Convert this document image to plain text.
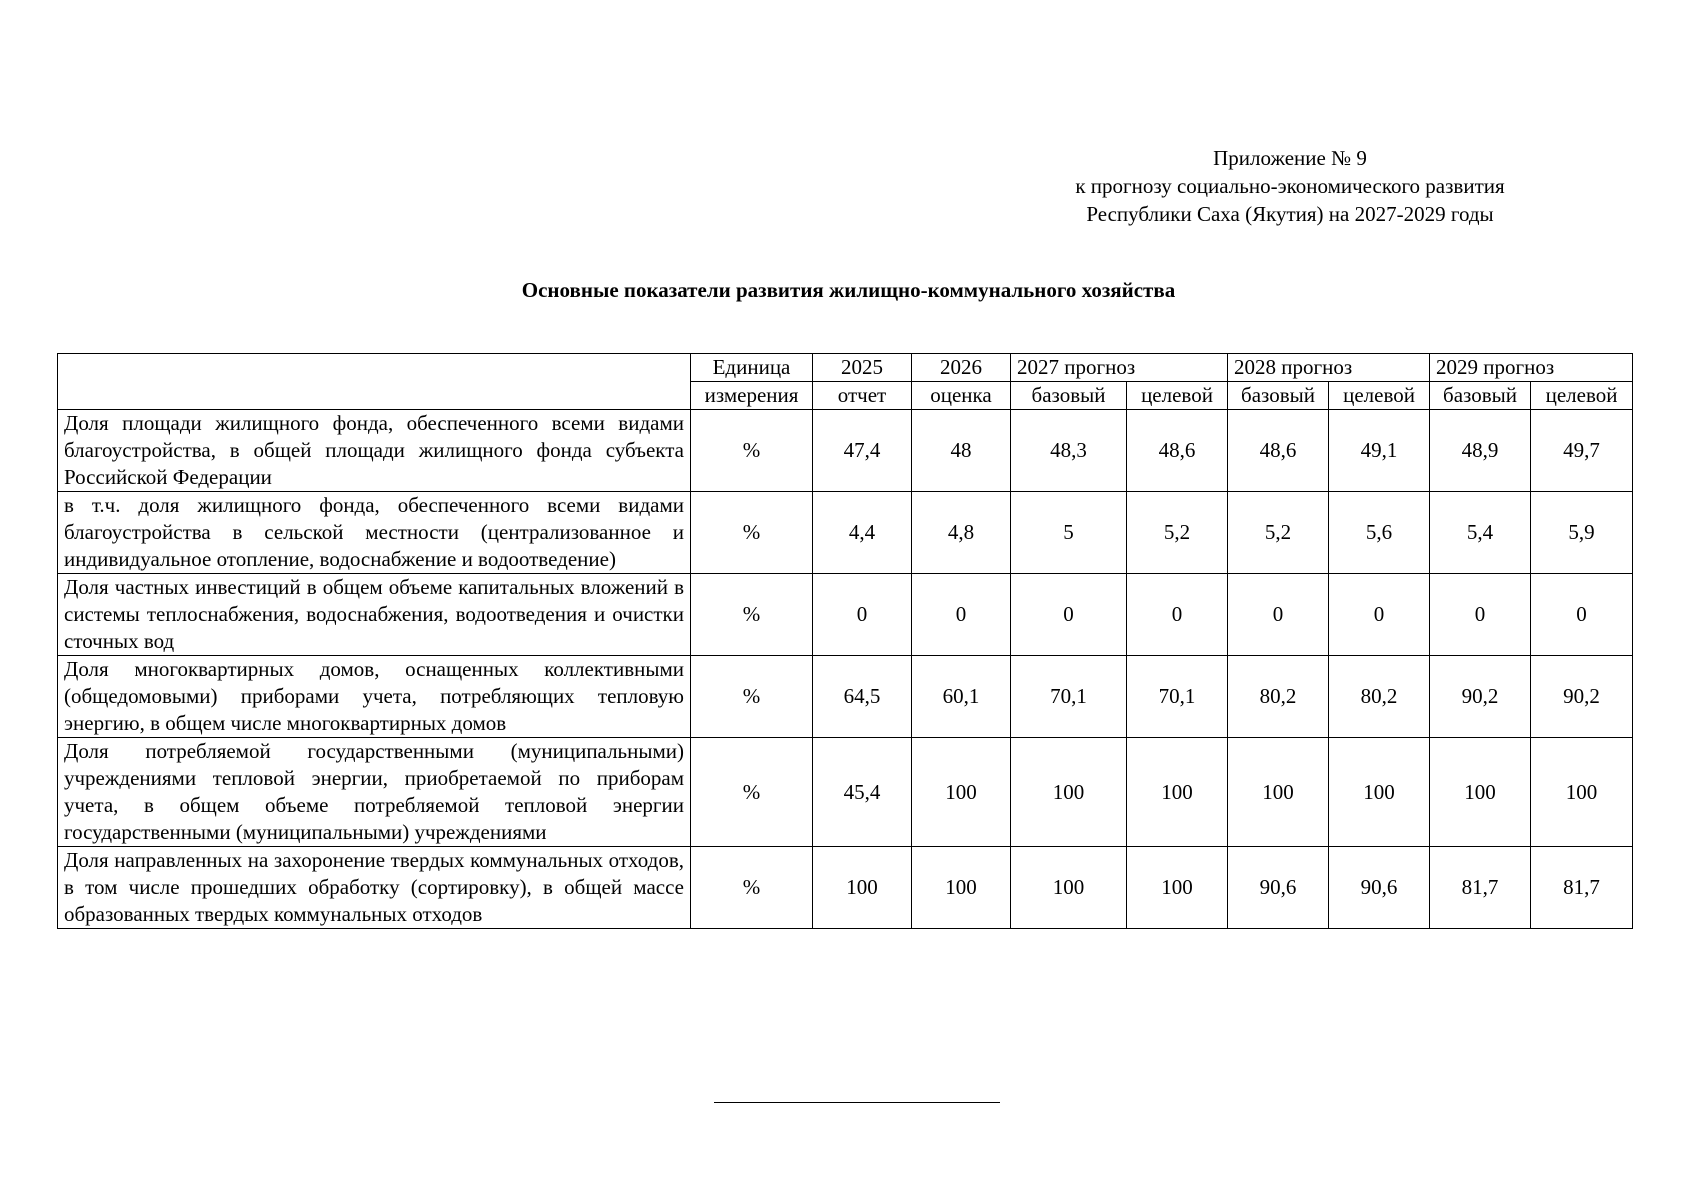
Приложение № 9
к прогнозу социально-экономического развития
Республики Саха (Якутия) на 2027-2029 годы
Основные показатели развития жилищно-коммунального хозяйства
	Единица	2025	2026	2027 прогноз		2028 прогноз		2029 прогноз	
	измерения	отчет	оценка	базовый	целевой	базовый	целевой	базовый	целевой
Доля площади жилищного фонда, обеспеченного всеми видами благоустройства, в общей площади жилищного фонда субъекта Российской Федерации	%	47,4	48	48,3	48,6	48,6	49,1	48,9	49,7
в т.ч. доля жилищного фонда, обеспеченного всеми видами благоустройства в сельской местности (централизованное и индивидуальное отопление, водоснабжение и водоотведение)	%	4,4	4,8	5	5,2	5,2	5,6	5,4	5,9
Доля частных инвестиций в общем объеме капитальных вложений в системы теплоснабжения, водоснабжения, водоотведения и очистки сточных вод	%	0	0	0	0	0	0	0	0
Доля многоквартирных домов, оснащенных коллективными (общедомовыми) приборами учета, потребляющих тепловую энергию, в общем числе многоквартирных домов	%	64,5	60,1	70,1	70,1	80,2	80,2	90,2	90,2
Доля потребляемой государственными (муниципальными) учреждениями тепловой энергии, приобретаемой по приборам учета, в общем объеме потребляемой тепловой энергии государственными (муниципальными) учреждениями	%	45,4	100	100	100	100	100	100	100
Доля направленных на захоронение твердых коммунальных отходов, в том числе прошедших обработку (сортировку), в общей массе образованных твердых коммунальных отходов	%	100	100	100	100	90,6	90,6	81,7	81,7
